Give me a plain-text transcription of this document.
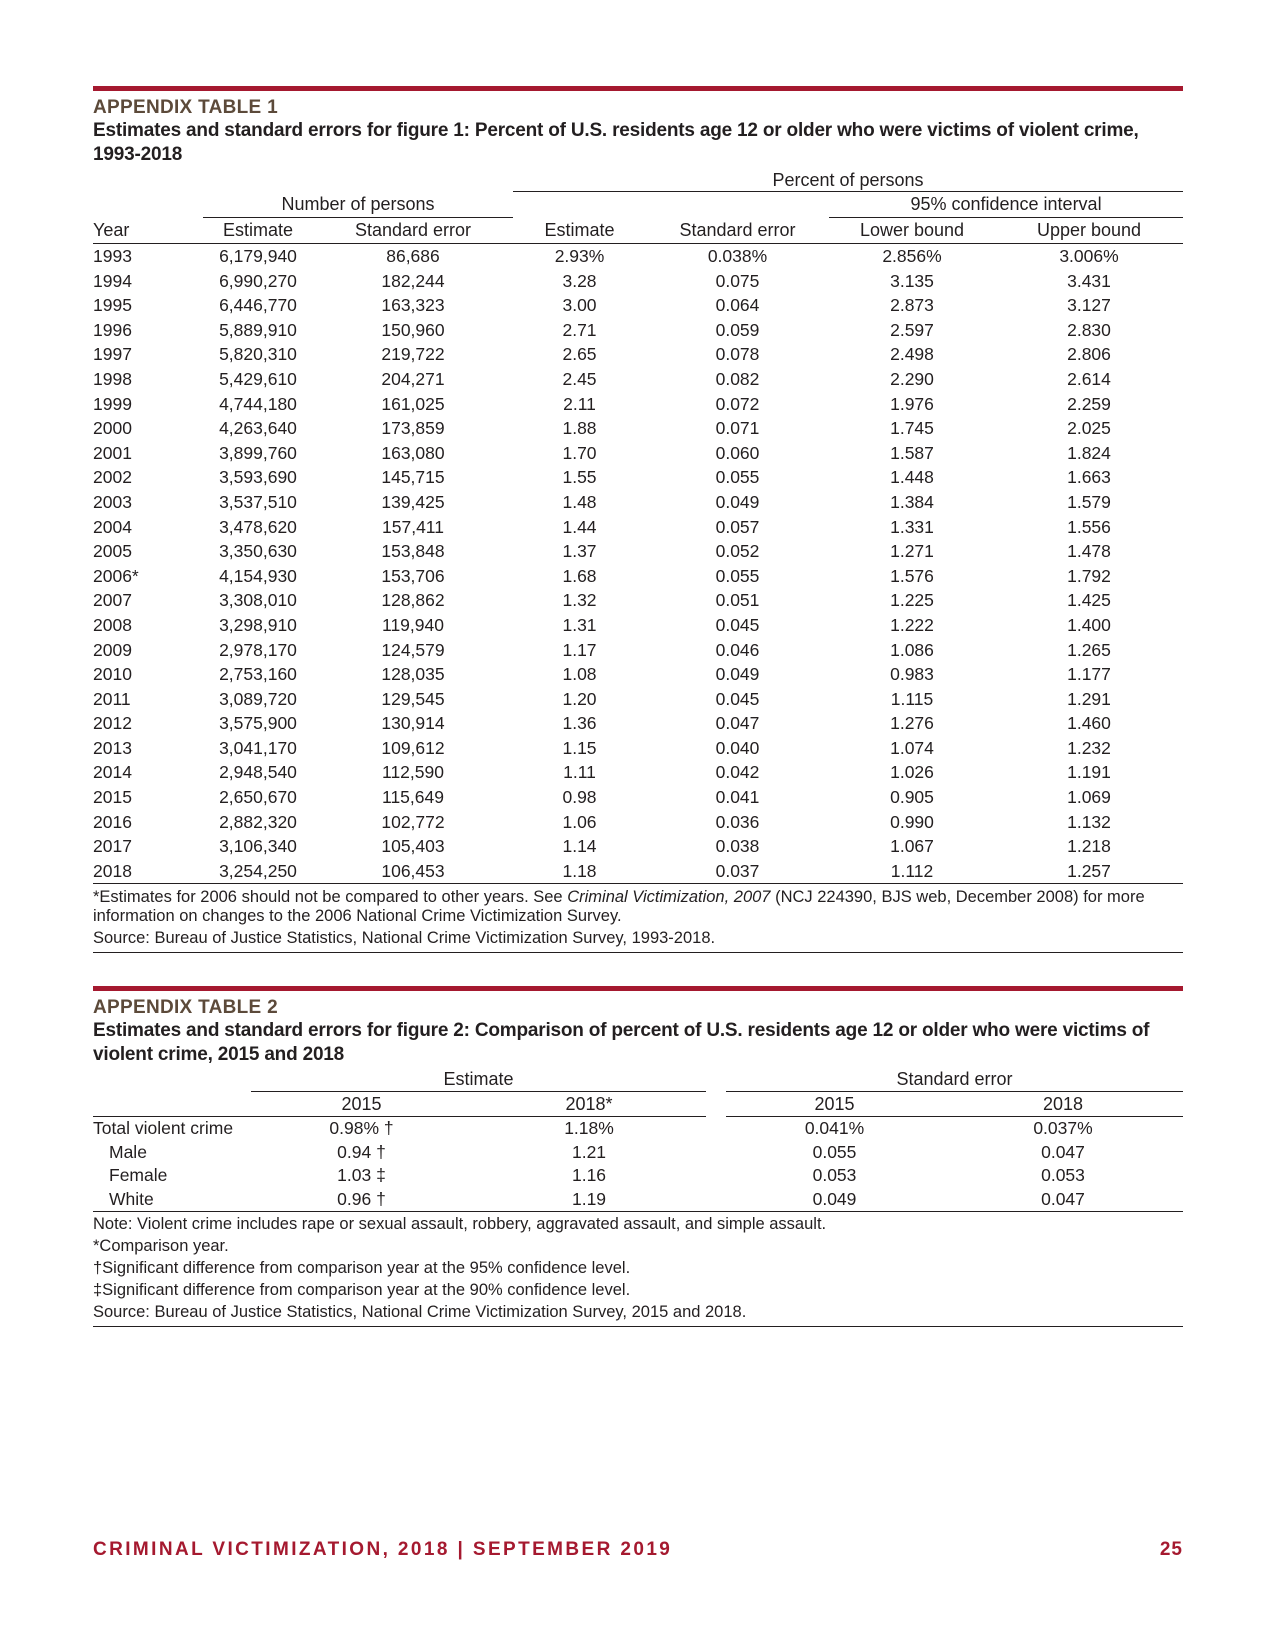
APPENDIX TABLE 1
Estimates and standard errors for figure 1: Percent of U.S. residents age 12 or older who were victims of violent crime, 1993-2018
			Percent of persons			
	Number of persons				95% confidence interval	
Year	Estimate	Standard error	Estimate	Standard error	Lower bound	Upper bound
1993	6,179,940	86,686	2.93%	0.038%	2.856%	3.006%
1994	6,990,270	182,244	3.28	0.075	3.135	3.431
1995	6,446,770	163,323	3.00	0.064	2.873	3.127
1996	5,889,910	150,960	2.71	0.059	2.597	2.830
1997	5,820,310	219,722	2.65	0.078	2.498	2.806
1998	5,429,610	204,271	2.45	0.082	2.290	2.614
1999	4,744,180	161,025	2.11	0.072	1.976	2.259
2000	4,263,640	173,859	1.88	0.071	1.745	2.025
2001	3,899,760	163,080	1.70	0.060	1.587	1.824
2002	3,593,690	145,715	1.55	0.055	1.448	1.663
2003	3,537,510	139,425	1.48	0.049	1.384	1.579
2004	3,478,620	157,411	1.44	0.057	1.331	1.556
2005	3,350,630	153,848	1.37	0.052	1.271	1.478
2006*	4,154,930	153,706	1.68	0.055	1.576	1.792
2007	3,308,010	128,862	1.32	0.051	1.225	1.425
2008	3,298,910	119,940	1.31	0.045	1.222	1.400
2009	2,978,170	124,579	1.17	0.046	1.086	1.265
2010	2,753,160	128,035	1.08	0.049	0.983	1.177
2011	3,089,720	129,545	1.20	0.045	1.115	1.291
2012	3,575,900	130,914	1.36	0.047	1.276	1.460
2013	3,041,170	109,612	1.15	0.040	1.074	1.232
2014	2,948,540	112,590	1.11	0.042	1.026	1.191
2015	2,650,670	115,649	0.98	0.041	0.905	1.069
2016	2,882,320	102,772	1.06	0.036	0.990	1.132
2017	3,106,340	105,403	1.14	0.038	1.067	1.218
2018	3,254,250	106,453	1.18	0.037	1.112	1.257
*Estimates for 2006 should not be compared to other years. See Criminal Victimization, 2007 (NCJ 224390, BJS web, December 2008) for more information on changes to the 2006 National Crime Victimization Survey.
Source: Bureau of Justice Statistics, National Crime Victimization Survey, 1993-2018.
APPENDIX TABLE 2
Estimates and standard errors for figure 2: Comparison of percent of U.S. residents age 12 or older who were victims of violent crime, 2015 and 2018
	Estimate			Standard error	
	2015	2018*		2015	2018
Total violent crime	0.98% †	1.18%		0.041%	0.037%
Male	0.94 †	1.21		0.055	0.047
Female	1.03 ‡	1.16		0.053	0.053
White	0.96 †	1.19		0.049	0.047
Note: Violent crime includes rape or sexual assault, robbery, aggravated assault, and simple assault.
*Comparison year.
†Significant difference from comparison year at the 95% confidence level.
‡Significant difference from comparison year at the 90% confidence level.
Source: Bureau of Justice Statistics, National Crime Victimization Survey, 2015 and 2018.
CRIMINAL VICTIMIZATION, 2018 | SEPTEMBER 2019	25
